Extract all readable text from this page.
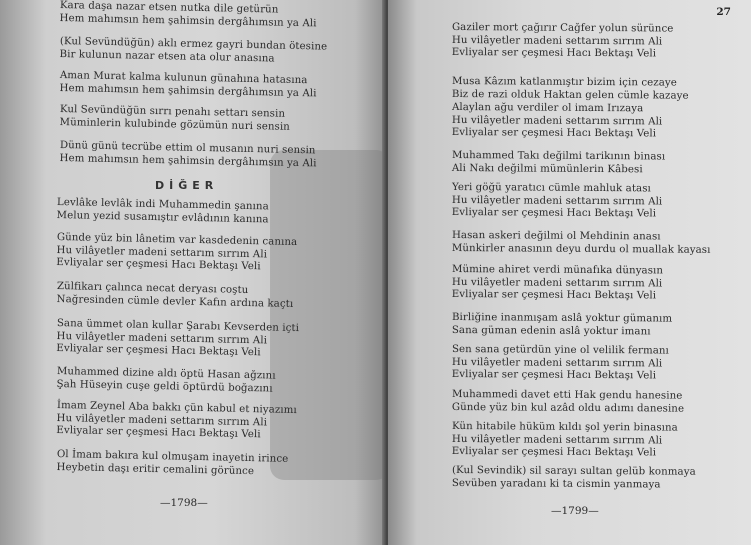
Kara daşa nazar etsen nutka dile getürün
Hem mahımsın hem şahimsin dergâhımsın ya Ali
(Kul Sevündüğün) aklı ermez gayri bundan ötesine
Bir kulunun nazar etsen ata olur anasına
Aman Murat kalma kulunun günahına hatasına
Hem mahımsın hem şahimsin dergâhımsın ya Ali
Kul Sevündüğün sırrı penahı settarı sensin
Müminlerin kulubinde gözümün nuri sensin
Dünü günü tecrübe ettim ol musanın nuri sensin
Hem mahımsın hem şahimsin dergâhımsın ya Ali
DİĞER
Levlâke levlâk indi Muhammedin şanına
Melun yezid susamıştır evlâdının kanına
Günde yüz bin lânetim var kasdedenin canına
Hu vilâyetler madeni settarım sırrım Ali
Evliyalar ser çeşmesi Hacı Bektaşı Veli
Zülfikarı çalınca necat deryası coştu
Nağresinden cümle devler Kafın ardına kaçtı
Sana ümmet olan kullar Şarabı Kevserden içti
Hu vilâyetler madeni settarım sırrım Ali
Evliyalar ser çeşmesi Hacı Bektaşı Veli
Muhammed dizine aldı öptü Hasan ağzını
Şah Hüseyin cuşe geldi öptürdü boğazını
İmam Zeynel Aba bakkı çün kabul et niyazımı
Hu vilâyetler madeni settarım sırrım Ali
Evliyalar ser çeşmesi Hacı Bektaşı Veli
Ol İmam bakıra kul olmuşam inayetin irince
Heybetin daşı eritir cemalini görünce
—1798—
27
Gaziler mort çağırır Cağfer yolun sürünce
Hu vilâyetler madeni settarım sırrım Ali
Evliyalar ser çeşmesi Hacı Bektaşı Veli
Musa Kâzım katlanmıştır bizim için cezaye
Biz de razi olduk Haktan gelen cümle kazaye
Alaylan ağu verdiler ol imam Irızaya
Hu vilâyetler madeni settarım sırrım Ali
Evliyalar ser çeşmesi Hacı Bektaşı Veli
Muhammed Takı değilmi tarikının binası
Ali Nakı değilmi mümünlerin Kâbesi
Yeri göğü yaratıcı cümle mahluk atası
Hu vilâyetler madeni settarım sırrım Ali
Evliyalar ser çeşmesi Hacı Bektaşı Veli
Hasan askeri değilmi ol Mehdinin anası
Münkirler anasının deyu durdu ol muallak kayası
Mümine ahiret verdi münafıka dünyasın
Hu vilâyetler madeni settarım sırrım Ali
Evliyalar ser çeşmesi Hacı Bektaşı Veli
Birliğine inanmışam aslâ yoktur gümanım
Sana güman edenin aslâ yoktur imanı
Sen sana getürdün yine ol velilik fermanı
Hu vilâyetler madeni settarım sırrım Ali
Evliyalar ser çeşmesi Hacı Bektaşı Veli
Muhammedi davet etti Hak gendu hanesine
Günde yüz bin kul azâd oldu adımı danesine
Kün hitabile hüküm kıldı şol yerin binasına
Hu vilâyetler madeni settarım sırrım Ali
Evliyalar ser çeşmesi Hacı Bektaşı Veli
(Kul Sevindik) sil sarayı sultan gelüb konmaya
Sevüben yaradanı ki ta cismin yanmaya
—1799—
